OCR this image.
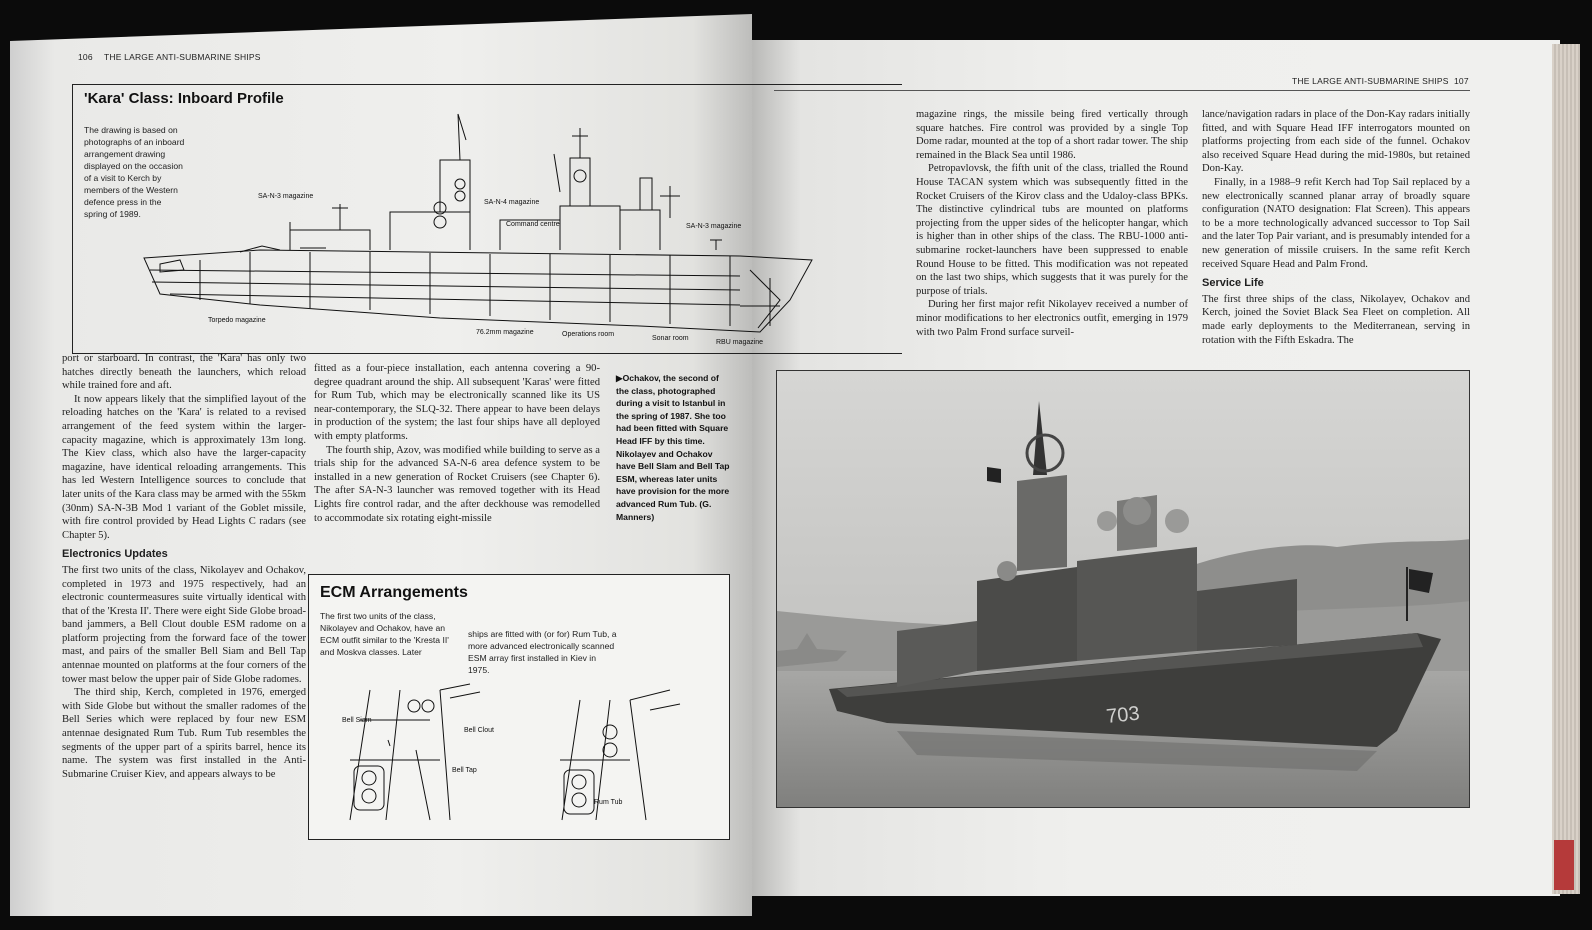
106 THE LARGE ANTI-SUBMARINE SHIPS
'Kara' Class: Inboard Profile
The drawing is based on photographs of an inboard arrangement drawing displayed on the occasion of a visit to Kerch by members of the Western defence press in the spring of 1989.
SA-N-3 magazine
SA-N-4 magazine
Command centre	SA-N-3 magazine
Torpedo magazine
76.2mm magazine	Operations room
Sonar room
RBU magazine

port or starboard. In contrast, the 'Kara' has only two hatches directly beneath the launchers, which reload while trained fore and aft.

It now appears likely that the simplified layout of the reloading hatches on the 'Kara' is related to a revised arrangement of the feed system within the larger-capacity magazine, which is approximately 13m long. The Kiev class, which also have the larger-capacity magazine, have identical reloading arrangements. This has led Western Intelligence sources to conclude that later units of the Kara class may be armed with the 55km (30nm) SA-N-3B Mod 1 variant of the Goblet missile, with fire control provided by Head Lights C radars (see Chapter 5).

Electronics Updates

The first two units of the class, Nikolayev and Ochakov, completed in 1973 and 1975 respectively, had an electronic countermeasures suite virtually identical with that of the 'Kresta II'. There were eight Side Globe broad-band jammers, a Bell Clout double ESM radome on a platform projecting from the forward face of the tower mast, and pairs of the smaller Bell Siam and Bell Tap antennae mounted on platforms at the four corners of the tower mast below the upper pair of Side Globe radomes.

The third ship, Kerch, completed in 1976, emerged with Side Globe but without the smaller radomes of the Bell Series which were replaced by four new ESM antennae designated Rum Tub. Rum Tub resembles the segments of the upper part of a spirits barrel, hence its name. The system was first installed in the Anti-Submarine Cruiser Kiev, and appears always to be

fitted as a four-piece installation, each antenna covering a 90-degree quadrant around the ship. All subsequent 'Karas' were fitted for Rum Tub, which may be electronically scanned like its US near-contemporary, the SLQ-32. There appear to have been delays in production of the system; the last four ships have all deployed with empty platforms.

The fourth ship, Azov, was modified while building to serve as a trials ship for the advanced SA-N-6 area defence system to be installed in a new generation of Rocket Cruisers (see Chapter 6). The after SA-N-3 launcher was removed together with its Head Lights fire control radar, and the after deckhouse was remodelled to accommodate six rotating eight-missile

▶Ochakov, the second of the class, photographed during a visit to Istanbul in the spring of 1987. She too had been fitted with Square Head IFF by this time. Nikolayev and Ochakov have Bell Slam and Bell Tap ESM, whereas later units have provision for the more advanced Rum Tub. (G. Manners)
ECM Arrangements
The first two units of the class, Nikolayev and Ochakov, have an ECM outfit similar to the 'Kresta II' and Moskva classes. Later
ships are fitted with (or for) Rum Tub, a more advanced electronically scanned ESM array first installed in Kiev in 1975.
Bell Siam
Bell Clout
Bell Tap
Rum Tub
THE LARGE ANTI-SUBMARINE SHIPS 107

magazine rings, the missile being fired vertically through square hatches. Fire control was provided by a single Top Dome radar, mounted at the top of a short radar tower. The ship remained in the Black Sea until 1986.

Petropavlovsk, the fifth unit of the class, trialled the Round House TACAN system which was subsequently fitted in the Rocket Cruisers of the Kirov class and the Udaloy-class BPKs. The distinctive cylindrical tubs are mounted on platforms projecting from the upper sides of the helicopter hangar, which is higher than in other ships of the class. The RBU-1000 anti-submarine rocket-launchers have been suppressed to enable Round House to be fitted. This modification was not repeated on the last two ships, which suggests that it was purely for the purpose of trials.

During her first major refit Nikolayev received a number of minor modifications to her electronics outfit, emerging in 1979 with two Palm Frond surface surveil-

lance/navigation radars in place of the Don-Kay radars initially fitted, and with Square Head IFF interrogators mounted on platforms projecting from each side of the funnel. Ochakov also received Square Head during the mid-1980s, but retained Don-Kay.

Finally, in a 1988–9 refit Kerch had Top Sail replaced by a new electronically scanned planar array of broadly square configuration (NATO designation: Flat Screen). This appears to be a more technologically advanced successor to Top Sail and the later Top Pair variant, and is presumably intended for a new generation of missile cruisers. In the same refit Kerch received Square Head and Palm Frond.

Service Life

The first three ships of the class, Nikolayev, Ochakov and Kerch, joined the Soviet Black Sea Fleet on completion. All made early deployments to the Mediterranean, serving in rotation with the Fifth Eskadra. The

703
